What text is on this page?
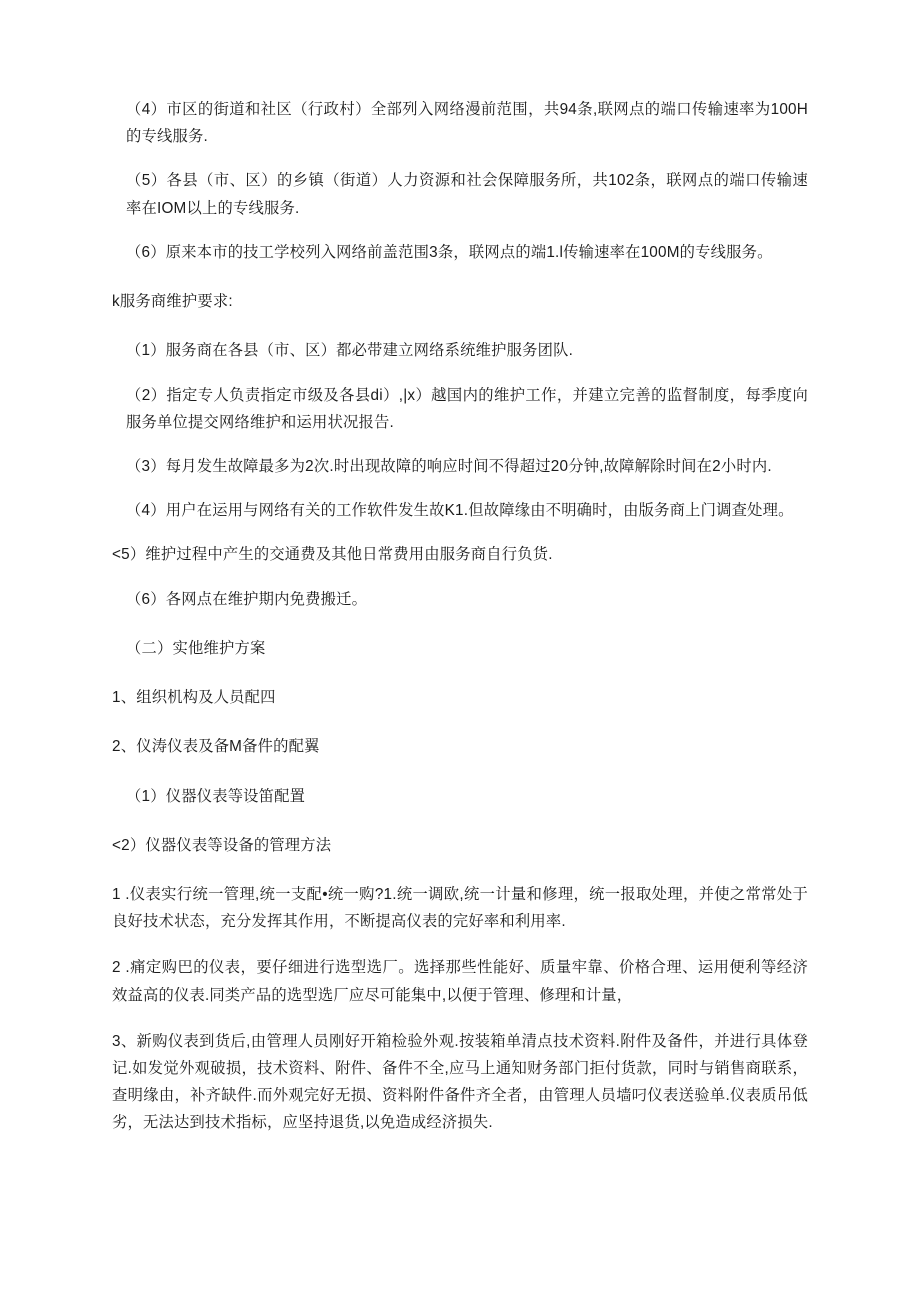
（4）市区的街道和社区（行政村）全部列入网络漫前范围，共94条,联网点的端口传输速率为100H的专线服务.

（5）各县（市、区）的乡镇（街道）人力资源和社会保障服务所，共102条，联网点的端口传输速率在IOM以上的专线服务.

（6）原来本市的技工学校列入网络前盖范围3条，联网点的端1.l传输速率在100M的专线服务。

k服务商维护要求:

（1）服务商在各县（市、区）都必带建立网络系统维护服务团队.

（2）指定专人负责指定市级及各县di）,|x）越国内的维护工作，并建立完善的监督制度，每季度向服务单位提交网络维护和运用状况报告.

（3）每月发生故障最多为2次.时出现故障的响应时间不得超过20分钟,故障解除时间在2小时内.

（4）用户在运用与网络有关的工作软件发生故K1.但故障缘由不明确时，由版务商上门调查处理。

<5）维护过程中产生的交通费及其他日常费用由服务商自行负货.

（6）各网点在维护期内免费搬迁。

（二）实他维护方案

1、组织机构及人员配四

2、仪涛仪表及备M备件的配翼

（1）仪器仪表等设笛配置

<2）仪器仪表等设备的管理方法

1 .仪表实行统一管理,统一支配•统一购?1.统一调欧,统一计量和修理，统一报取处理，并使之常常处于良好技术状态，充分发挥其作用，不断提高仪表的完好率和利用率.

2 .痛定购巴的仪表，要仔细进行选型选厂。选择那些性能好、质量牢靠、价格合理、运用便利等经济效益高的仪表.同类产品的选型选厂应尽可能集中,以便于管理、修理和计量，

3、新购仪表到货后,由管理人员刚好开箱检验外观.按装箱单清点技术资料.附件及备件，并进行具体登记.如发觉外观破损，技术资料、附件、备件不全,应马上通知财务部门拒付货款，同时与销售商联系，查明缘由，补齐缺件.而外观完好无损、资料附件备件齐全者，由管理人员墙叼仪表送验单.仪表质吊低劣，无法达到技术指标，应坚持退货,以免造成经济损失.
